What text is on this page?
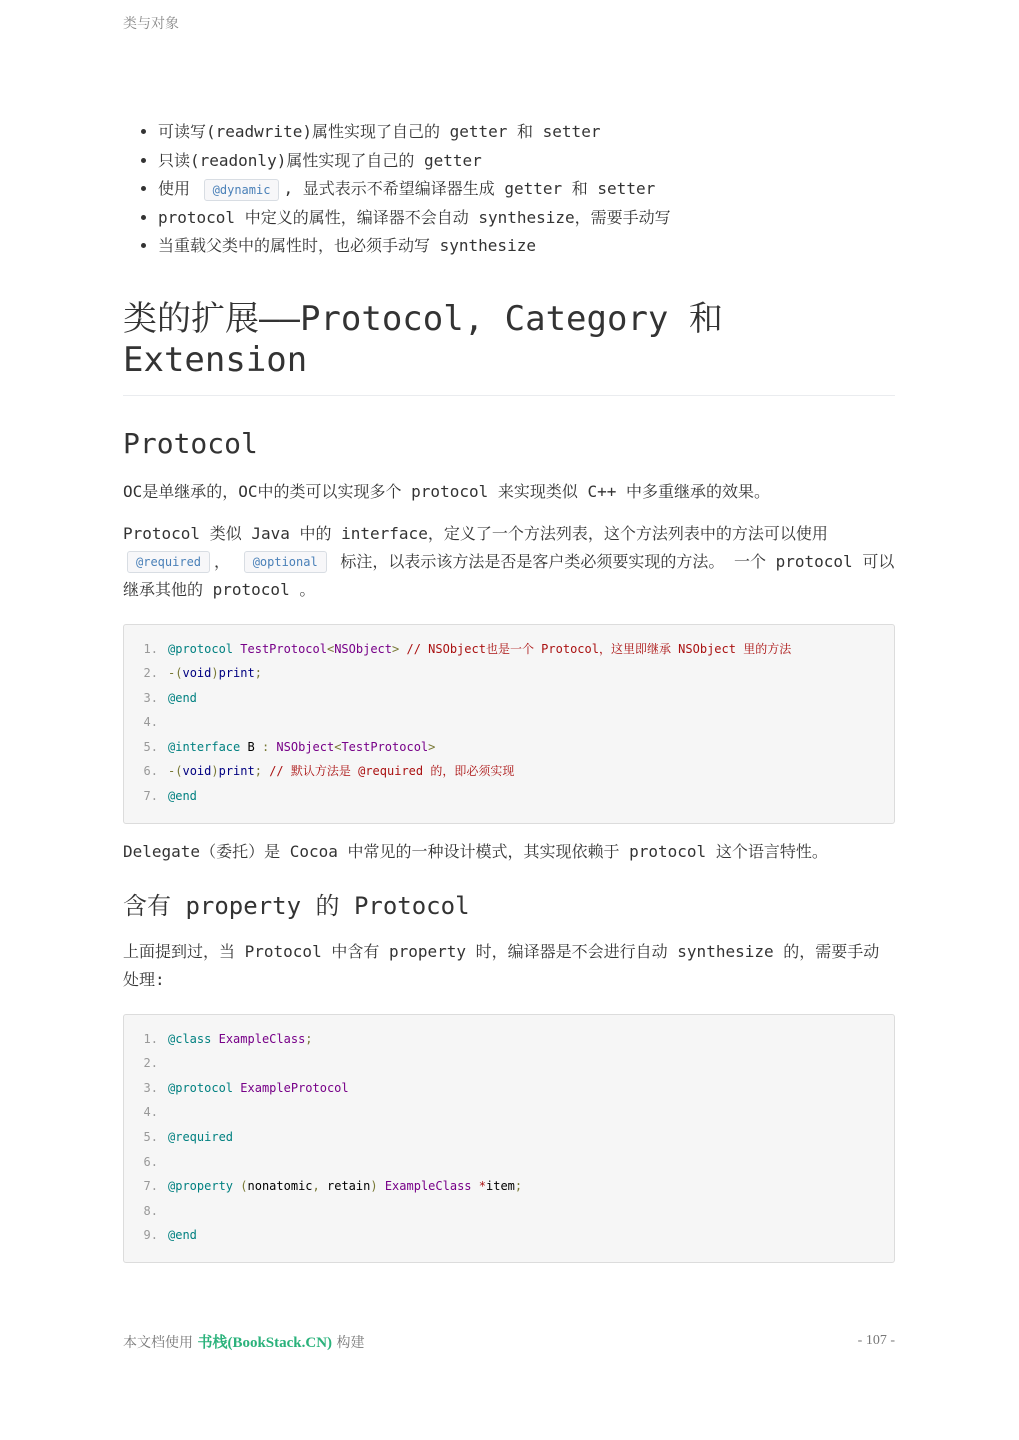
类与对象
• 可读写(readwrite)属性实现了自己的 getter 和 setter
• 只读(readonly)属性实现了自己的 getter
• 使用 @dynamic , 显式表示不希望编译器生成 getter 和 setter
• protocol 中定义的属性，编译器不会自动 synthesize，需要手动写
• 当重载父类中的属性时，也必须手动写 synthesize
类的扩展——Protocol, Category 和 Extension
Protocol

OC是单继承的，OC中的类可以实现多个 protocol 来实现类似 C++ 中多重继承的效果。

Protocol 类似 Java 中的 interface，定义了一个方法列表，这个方法列表中的方法可以使用@required ， @optional 标注，以表示该方法是否是客户类必须要实现的方法。 一个 protocol 可以继承其他的 protocol 。

1. @protocol TestProtocol<NSObject> // NSObject也是一个 Protocol，这里即继承 NSObject 里的方法
2. -(void)print;
3. @end
4.
5. @interface B : NSObject<TestProtocol>
6. -(void)print; // 默认方法是 @required 的，即必须实现
7. @end

Delegate（委托）是 Cocoa 中常见的一种设计模式，其实现依赖于 protocol 这个语言特性。

含有 property 的 Protocol

上面提到过，当 Protocol 中含有 property 时，编译器是不会进行自动 synthesize 的，需要手动处理:

1. @class ExampleClass;
2.
3. @protocol ExampleProtocol
4.
5. @required
6.
7. @property (nonatomic, retain) ExampleClass *item;
8.
9. @end
本文档使用 书栈(BookStack.CN) 构建	- 107 -
